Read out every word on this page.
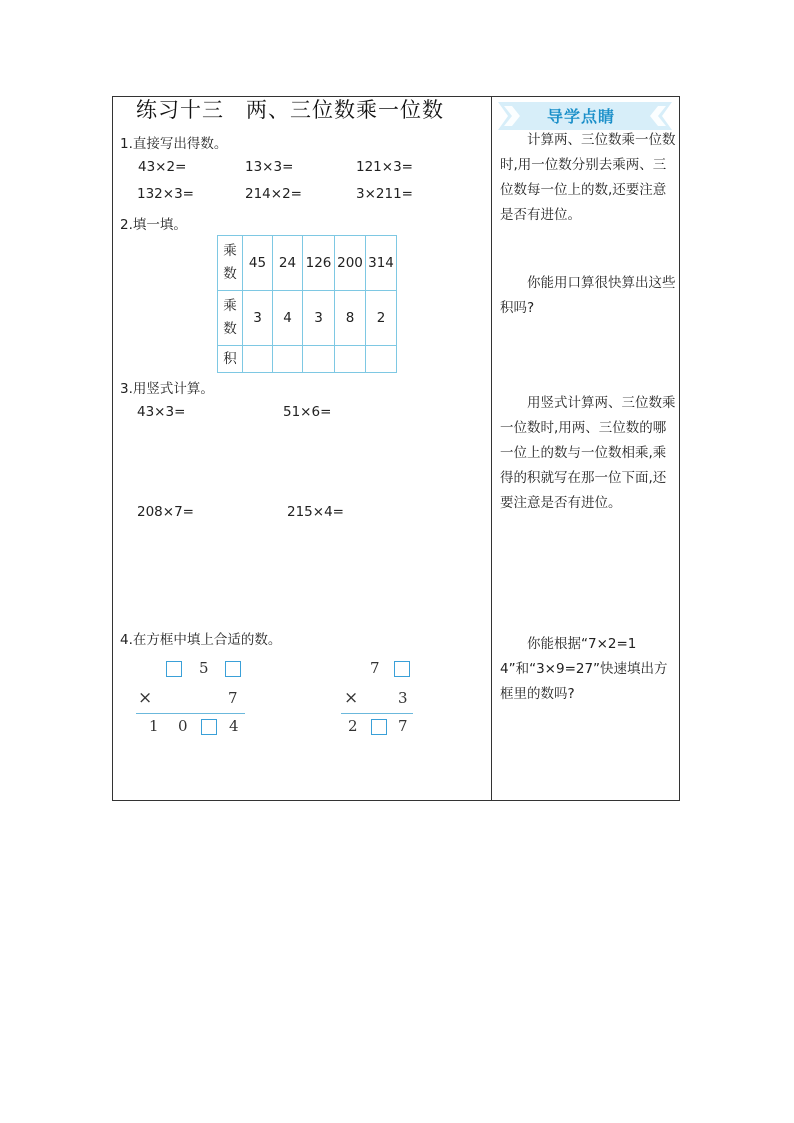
练习十三　两、三位数乘一位数
1.直接写出得数。
43×2=	13×3=	121×3=
132×3=	214×2=	3×211=
2.填一填。
乘
数	45	24	126	200	314
乘
数	3	4	3	8	2
积					
3.用竖式计算。
43×3=	51×6=
208×7=	215×4=
4.在方框中填上合适的数。
5
×	7
1 0	4
7
×	3
2	7
导学点睛
计算两、三位数乘一位数时,用一位数分别去乘两、三位数每一位上的数,还要注意是否有进位。
你能用口算很快算出这些积吗?
用竖式计算两、三位数乘一位数时,用两、三位数的哪一位上的数与一位数相乘,乘得的积就写在那一位下面,还要注意是否有进位。
你能根据“7×2=14”和“3×9=27”快速填出方框里的数吗?
